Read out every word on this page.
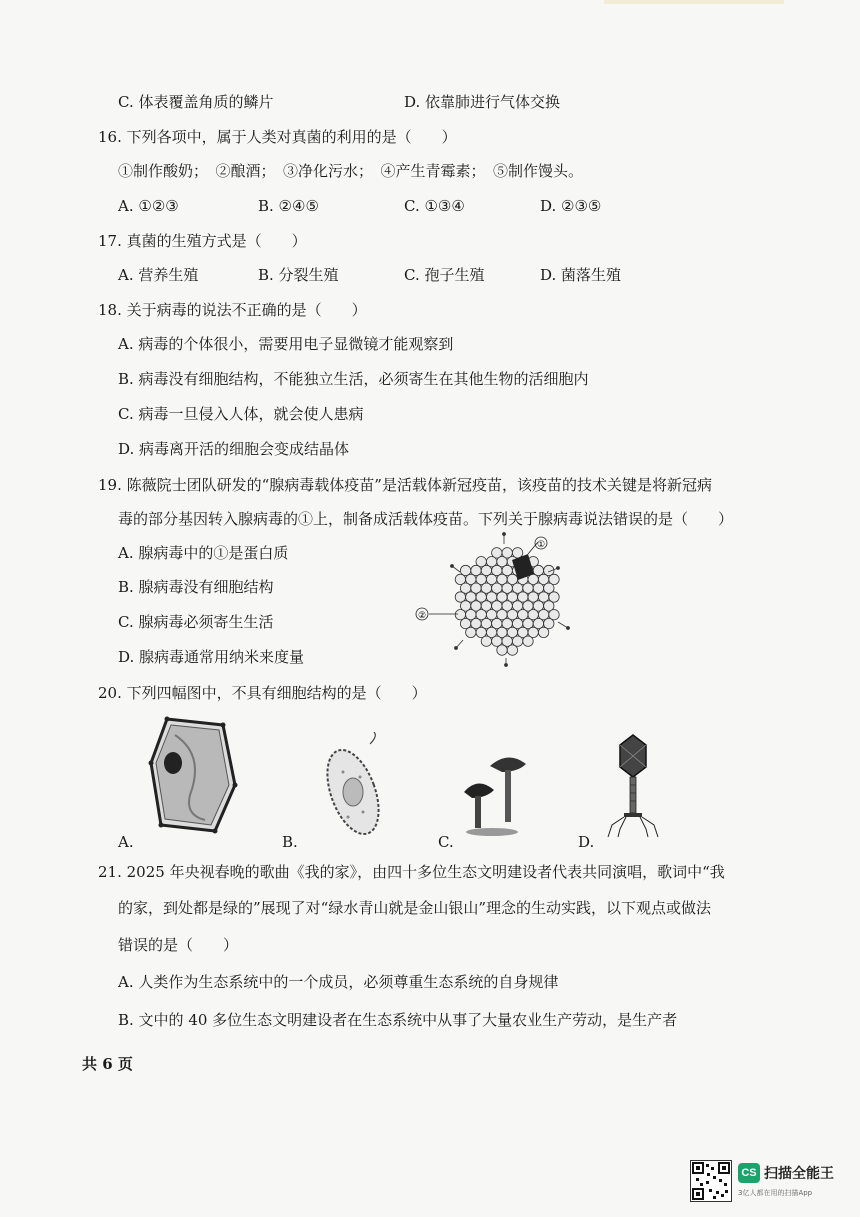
C. 体表覆盖角质的鳞片	D. 依靠肺进行气体交换
16. 下列各项中，属于人类对真菌的利用的是（　　）
①制作酸奶；　②酿酒；　③净化污水；　④产生青霉素；　⑤制作馒头。
A. ①②③	B. ②④⑤	C. ①③④	D. ②③⑤
17. 真菌的生殖方式是（　　）
A. 营养生殖	B. 分裂生殖	C. 孢子生殖	D. 菌落生殖
18. 关于病毒的说法不正确的是（　　）
A. 病毒的个体很小，需要用电子显微镜才能观察到
B. 病毒没有细胞结构，不能独立生活，必须寄生在其他生物的活细胞内
C. 病毒一旦侵入人体，就会使人患病
D. 病毒离开活的细胞会变成结晶体
19. 陈薇院士团队研发的“腺病毒载体疫苗”是活载体新冠疫苗，该疫苗的技术关键是将新冠病
毒的部分基因转入腺病毒的①上，制备成活载体疫苗。下列关于腺病毒说法错误的是（　　）
A. 腺病毒中的①是蛋白质
B. 腺病毒没有细胞结构
C. 腺病毒必须寄生生活
D. 腺病毒通常用纳米来度量
①
②
20. 下列四幅图中，不具有细胞结构的是（　　）
A.	B.	C.	D.
21. 2025 年央视春晚的歌曲《我的家》，由四十多位生态文明建设者代表共同演唱，歌词中“我
的家，到处都是绿的”展现了对“绿水青山就是金山银山”理念的生动实践，以下观点或做法
错误的是（　　）
A. 人类作为生态系统中的一个成员，必须尊重生态系统的自身规律
B. 文中的 40 多位生态文明建设者在生态系统中从事了大量农业生产劳动，是生产者
共 6 页
CS 扫描全能王
3亿人都在用的扫描App
